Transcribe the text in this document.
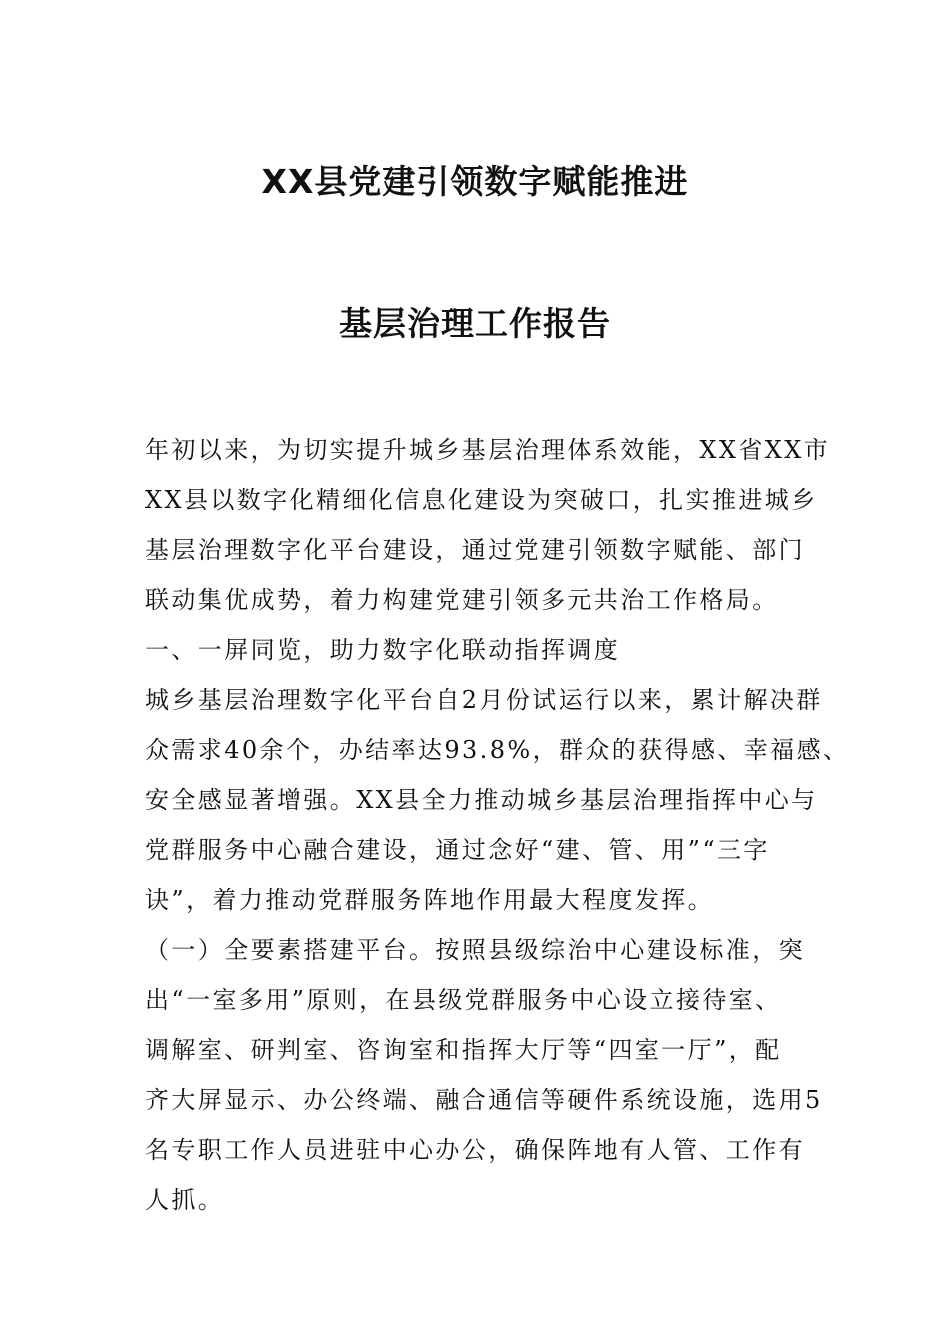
XX县党建引领数字赋能推进
基层治理工作报告
年初以来，为切实提升城乡基层治理体系效能，XX省XX市
XX县以数字化精细化信息化建设为突破口，扎实推进城乡
基层治理数字化平台建设，通过党建引领数字赋能、部门
联动集优成势，着力构建党建引领多元共治工作格局。
一、一屏同览，助力数字化联动指挥调度
城乡基层治理数字化平台自2月份试运行以来，累计解决群
众需求40余个，办结率达93.8%，群众的获得感、幸福感、
安全感显著增强。XX县全力推动城乡基层治理指挥中心与
党群服务中心融合建设，通过念好“建、管、用”“三字
诀”，着力推动党群服务阵地作用最大程度发挥。
（一）全要素搭建平台。按照县级综治中心建设标准，突
出“一室多用”原则，在县级党群服务中心设立接待室、
调解室、研判室、咨询室和指挥大厅等“四室一厅”，配
齐大屏显示、办公终端、融合通信等硬件系统设施，选用5
名专职工作人员进驻中心办公，确保阵地有人管、工作有
人抓。
